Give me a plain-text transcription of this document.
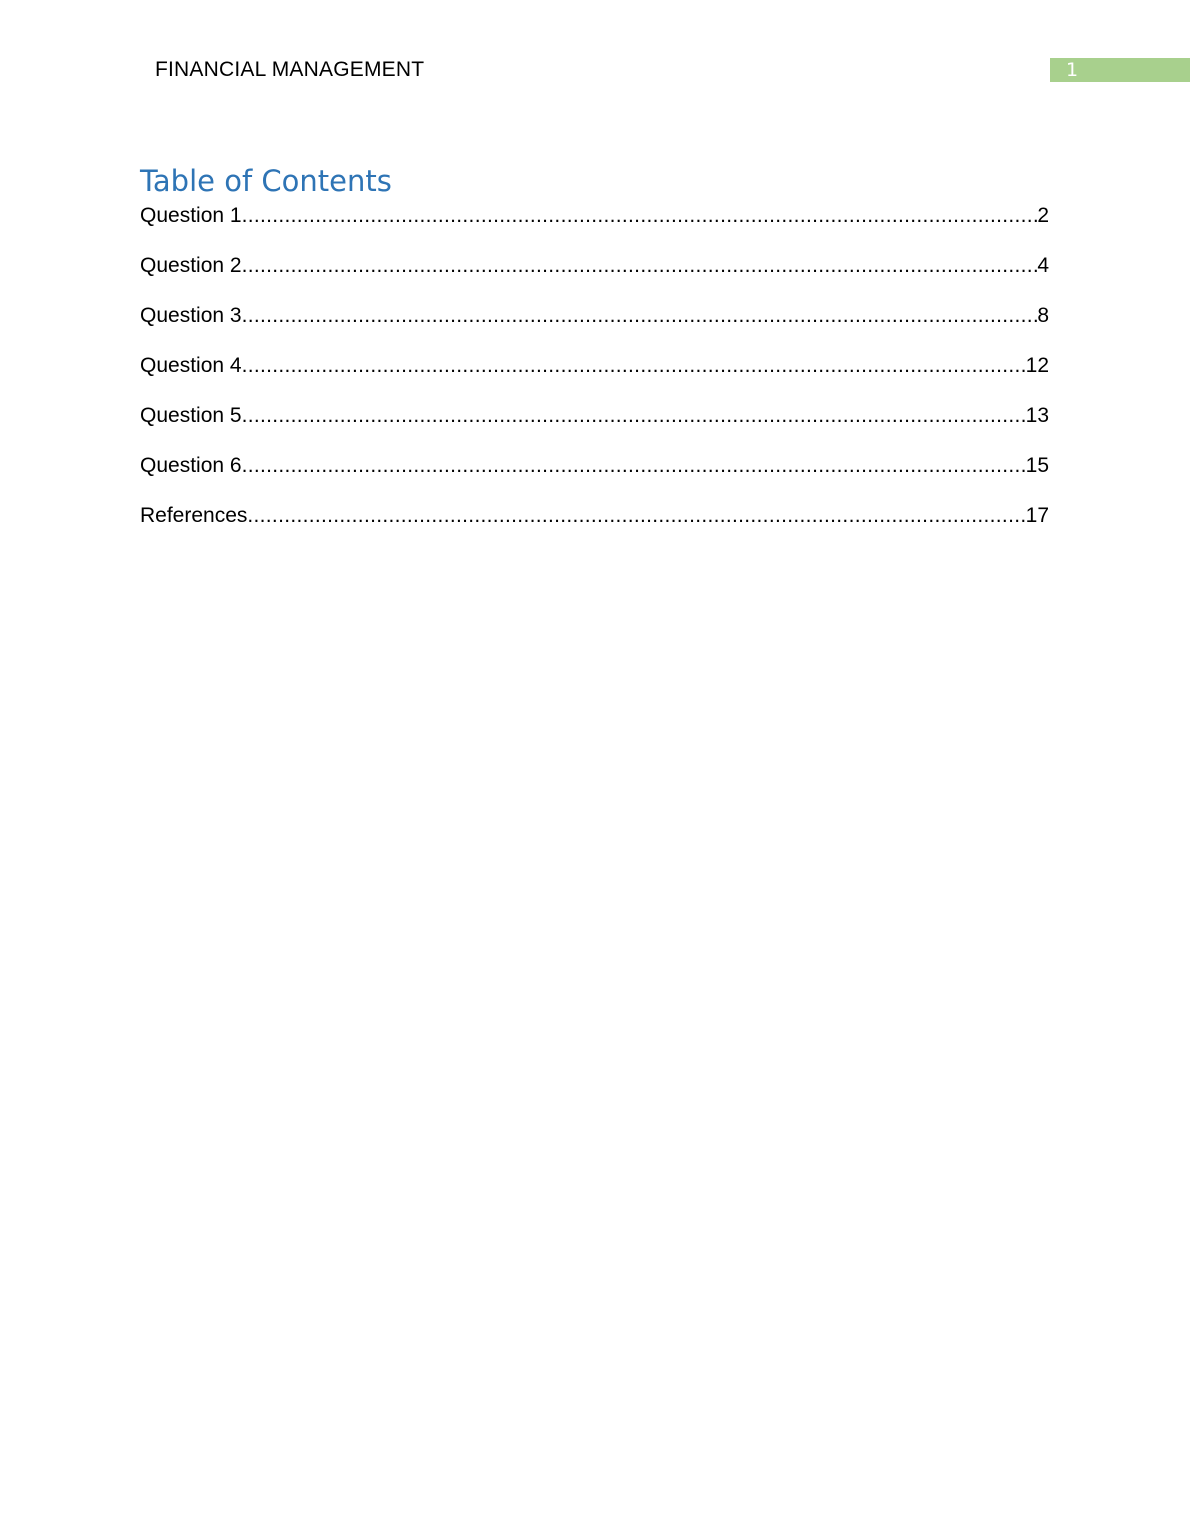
FINANCIAL MANAGEMENT	1
Table of Contents
Question 1 .....	2
Question 2 .....	4
Question 3 .....	8
Question 4 .....	12
Question 5 .....	13
Question 6 .....	15
References .....	17
